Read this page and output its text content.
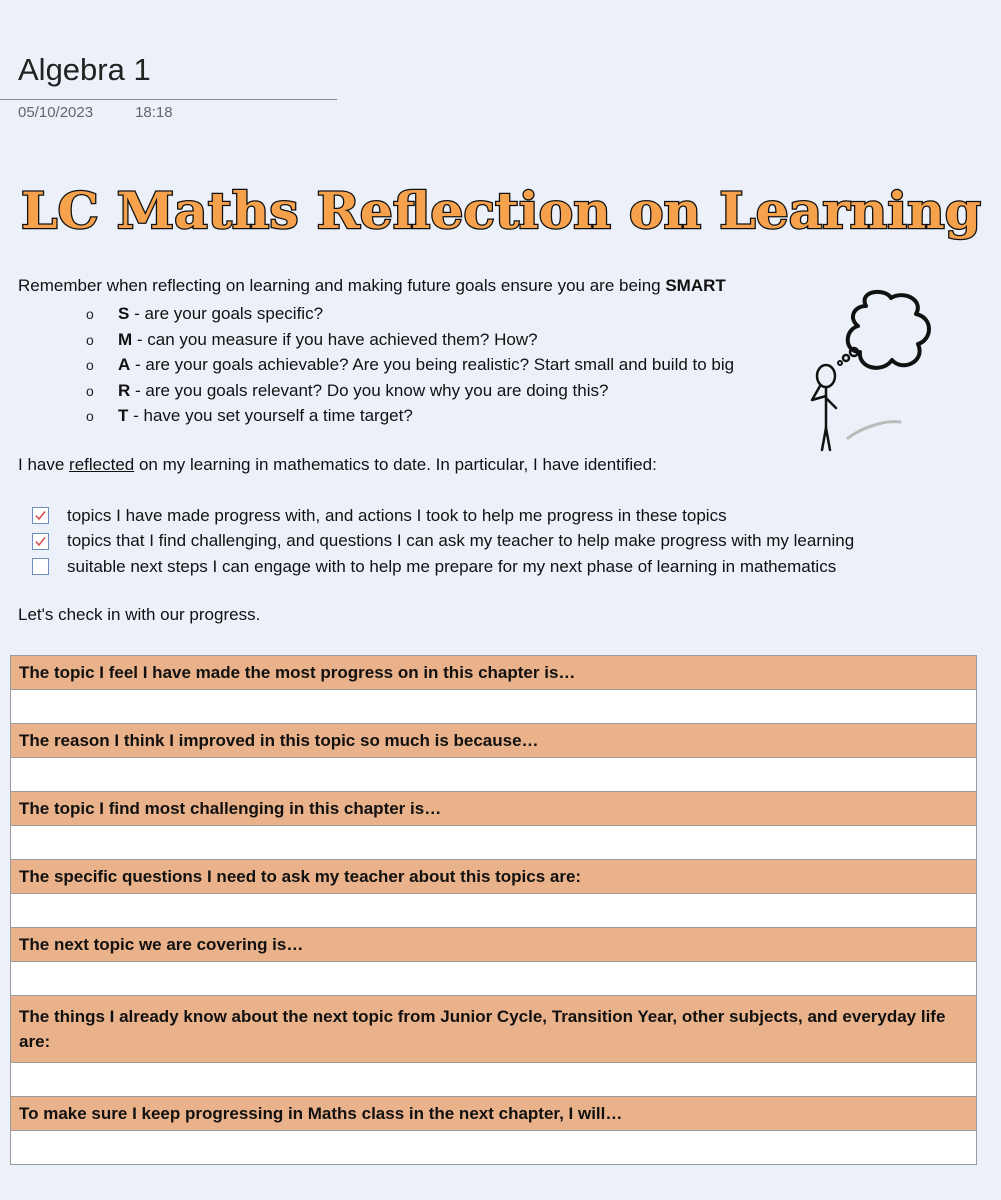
Algebra 1
05/10/2023	18:18
LC Maths Reflection on Learning
Remember when reflecting on learning and making future goals ensure you are being SMART
o S - are your goals specific?
o M - can you measure if you have achieved them? How?
o A - are your goals achievable? Are you being realistic? Start small and build to big
o R - are you goals relevant? Do you know why you are doing this?
o T - have you set yourself a time target?
I have reflected on my learning in mathematics to date. In particular, I have identified:
topics I have made progress with, and actions I took to help me progress in these topics
topics that I find challenging, and questions I can ask my teacher to help make progress with my learning
suitable next steps I can engage with to help me prepare for my next phase of learning in mathematics
Let's check in with our progress.
The topic I feel I have made the most progress on in this chapter is…

The reason I think I improved in this topic so much is because…

The topic I find most challenging in this chapter is…

The specific questions I need to ask my teacher about this topics are:

The next topic we are covering is…

The things I already know about the next topic from Junior Cycle, Transition Year, other subjects, and everyday life are:

To make sure I keep progressing in Maths class in the next chapter, I will…
